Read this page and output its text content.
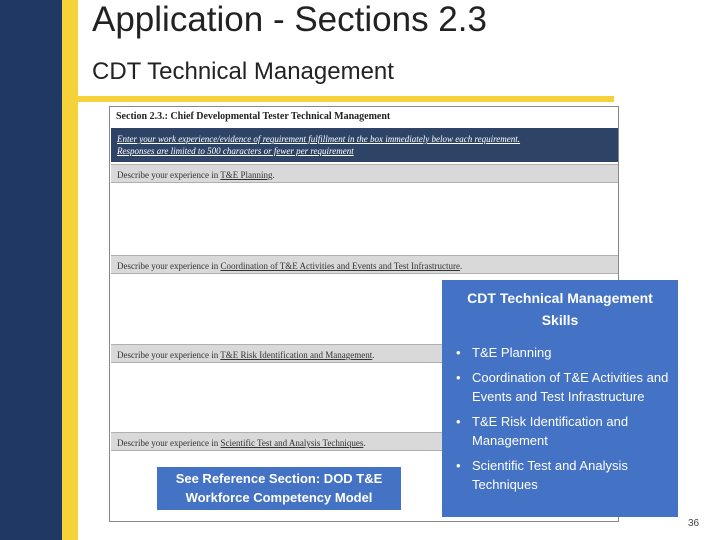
Application - Sections 2.3
CDT Technical Management
Section 2.3.: Chief Developmental Tester Technical Management
Enter your work experience/evidence of requirement fulfillment in the box immediately below each requirement.
Responses are limited to 500 characters or fewer per requirement
Describe your experience in T&E Planning.
Describe your experience in Coordination of T&E Activities and Events and Test Infrastructure.
Describe your experience in T&E Risk Identification and Management.
Describe your experience in Scientific Test and Analysis Techniques.
CDT Technical Management Skills
• T&E Planning
• Coordination of T&E Activities and Events and Test Infrastructure
• T&E Risk Identification and Management
• Scientific Test and Analysis Techniques
See Reference Section: DOD T&E Workforce Competency Model
36
